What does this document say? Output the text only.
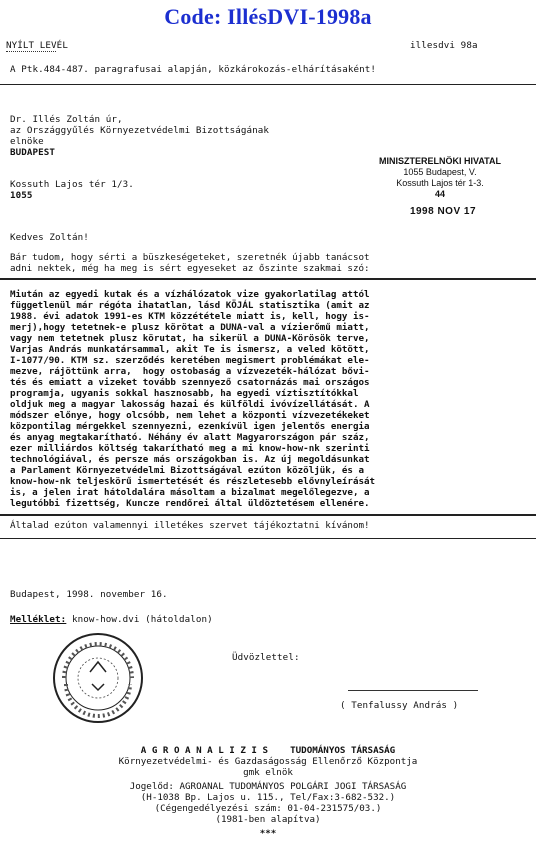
Code: IllésDVI-1998a
NYÍLT LEVÉL	illesdvi 98a
A Ptk.484-487. paragrafusai alapján, közkárokozás-elhárításaként!
Dr. Illés Zoltán úr,
az Országgyűlés Környezetvédelmi Bizottságának
elnöke
BUDAPEST
Kossuth Lajos tér 1/3.
1055
MINISZTERELNÖKI HIVATAL
1055 Budapest, V.
Kossuth Lajos tér 1-3.
44
1998 NOV 17
Kedves Zoltán!
Bár tudom, hogy sérti a büszkeségeteket, szeretnék újabb tanácsot
adni nektek, még ha meg is sért egyeseket az őszinte szakmai szó:
Miután az egyedi kutak és a vízhálózatok vize gyakorlatilag attól
függetlenül már régóta ihatatlan, lásd KÖJÁL statisztika (amit az
1988. évi adatok 1991-es KTM közzététele miatt is, kell, hogy is-
merj),hogy tetetnek-e plusz körötat a DUNA-val a vízierőmű miatt,
vagy nem tetetnek plusz körutat, ha sikerül a DUNA-Körösök terve,
Varjas András munkatársammal, akit Te is ismersz, a veled kötött,
I-1077/90. KTM sz. szerződés keretében megismert problémákat ele-
mezve, rájöttünk arra,  hogy ostobaság a vízvezeték-hálózat bővi-
tés és emiatt a vizeket tovább szennyező csatornázás mai országos
programja, ugyanis sokkal hasznosabb, ha egyedi víztisztítókkal
oldjuk meg a magyar lakosság hazai és külföldi ivóvízellátását. A
módszer előnye, hogy olcsóbb, nem lehet a központi vízvezetékeket
központilag mérgekkel szennyezni, ezenkívül igen jelentős energia
és anyag megtakarítható. Néhány év alatt Magyarországon pár száz,
ezer milliárdos költség takarítható meg a mi know-how-nk szerinti
technológiával, és persze más országokban is. Az új megoldásunkat
a Parlament Környezetvédelmi Bizottságával ezúton közöljük, és a
know-how-nk teljeskörű ismertetését és részletesebb elővnyleírását
is, a jelen irat hátoldalára másoltam a bizalmat megelőlegezve, a
legutóbbi fizettség, Kuncze rendőrei által üldöztetésem ellenére.
Általad ezúton valamennyi illetékes szervet tájékoztatni kívánom!
Budapest, 1998. november 16.
Melléklet: know-how.dvi (hátoldalon)
Üdvözlettel:
( Tenfalussy András )
A G R O A N A L I Z I S    TUDOMÁNYOS TÁRSASÁG
Környezetvédelmi- és Gazdaságosság Ellenőrző Központja
gmk elnök
Jogelőd: AGROANAL TUDOMÁNYOS POLGÁRI JOGI TÁRSASÁG
(H-1038 Bp. Lajos u. 115., Tel/Fax:3-682-532.)
(Cégengedélyezési szám: 01-04-231575/03.)
(1981-ben alapítva)
***
